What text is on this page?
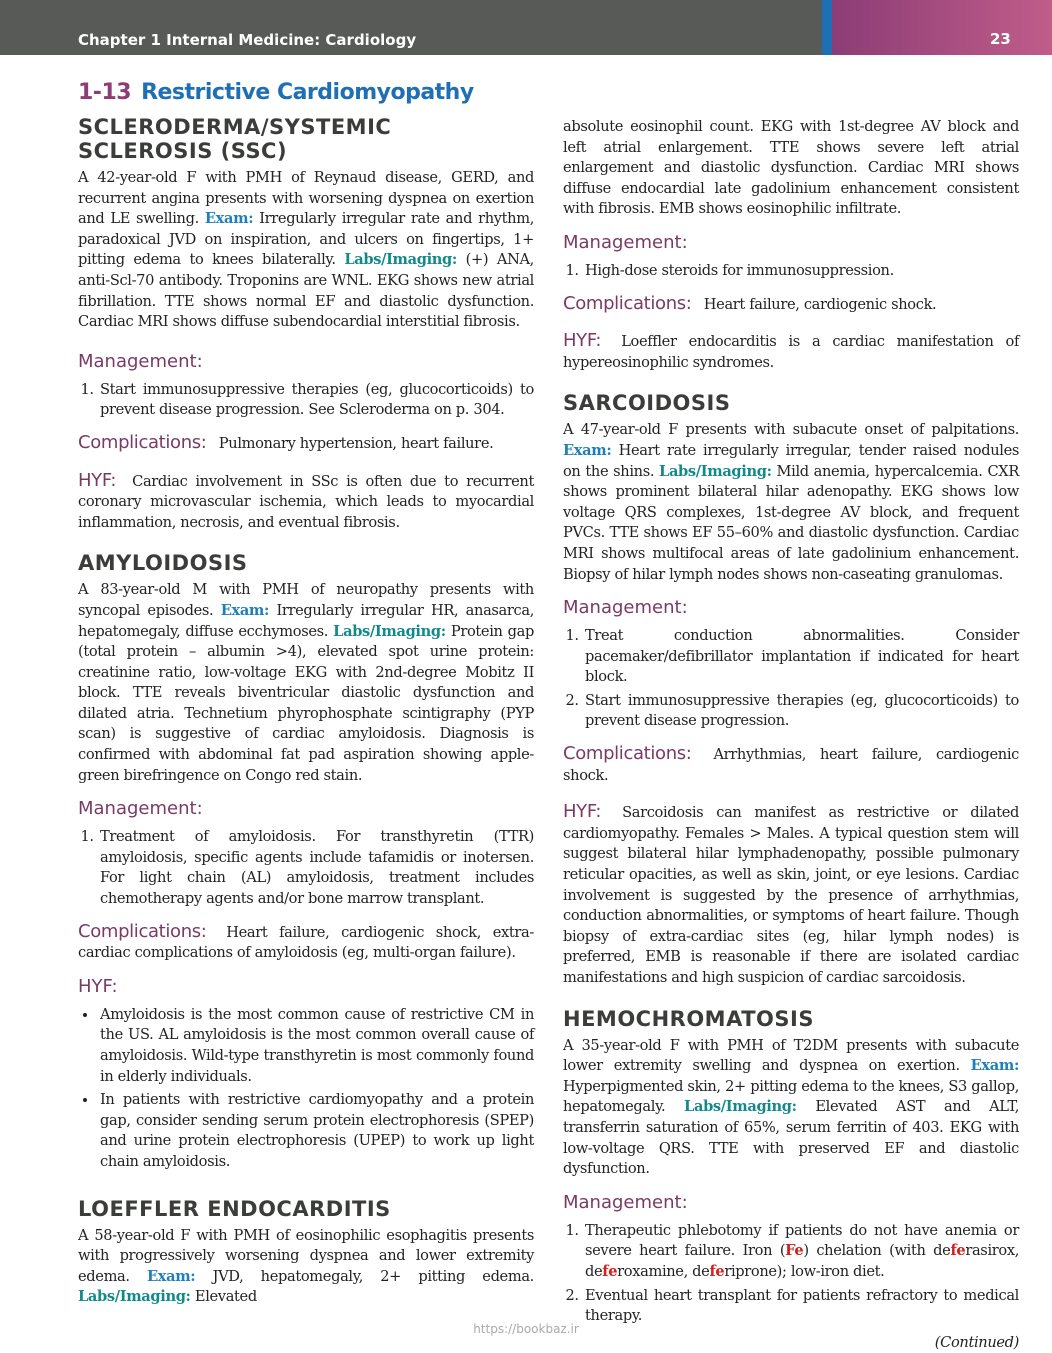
Chapter 1 Internal Medicine: Cardiology	23
1-13 Restrictive Cardiomyopathy
SCLERODERMA/SYSTEMIC
SCLEROSIS (SSC)

A 42-year-old F with PMH of Reynaud disease, GERD, and recurrent angina presents with worsening dyspnea on exertion and LE swelling. Exam: Irregularly irregular rate and rhythm, paradoxical JVD on inspiration, and ulcers on fingertips, 1+ pitting edema to knees bilaterally. Labs/Imaging: (+) ANA, anti-Scl-70 antibody. Troponins are WNL. EKG shows new atrial fibrillation. TTE shows normal EF and diastolic dysfunction. Cardiac MRI shows diffuse subendocardial interstitial fibrosis.

Management:
1. Start immunosuppressive therapies (eg, glucocorticoids) to prevent disease progression. See Scleroderma on p. 304.

Complications: Pulmonary hypertension, heart failure.

HYF: Cardiac involvement in SSc is often due to recurrent coronary microvascular ischemia, which leads to myocardial inflammation, necrosis, and eventual fibrosis.

AMYLOIDOSIS

A 83-year-old M with PMH of neuropathy presents with syncopal episodes. Exam: Irregularly irregular HR, anasarca, hepatomegaly, diffuse ecchymoses. Labs/Imaging: Protein gap (total protein – albumin >4), elevated spot urine protein: creatinine ratio, low-voltage EKG with 2nd-degree Mobitz II block. TTE reveals biventricular diastolic dysfunction and dilated atria. Technetium phyrophosphate scintigraphy (PYP scan) is suggestive of cardiac amyloidosis. Diagnosis is confirmed with abdominal fat pad aspiration showing apple-green birefringence on Congo red stain.

Management:
1. Treatment of amyloidosis. For transthyretin (TTR) amyloidosis, specific agents include tafamidis or inotersen. For light chain (AL) amyloidosis, treatment includes chemotherapy agents and/or bone marrow transplant.

Complications: Heart failure, cardiogenic shock, extra-cardiac complications of amyloidosis (eg, multi-organ failure).

HYF:
• Amyloidosis is the most common cause of restrictive CM in the US. AL amyloidosis is the most common overall cause of amyloidosis. Wild-type transthyretin is most commonly found in elderly individuals.
• In patients with restrictive cardiomyopathy and a protein gap, consider sending serum protein electrophoresis (SPEP) and urine protein electrophoresis (UPEP) to work up light chain amyloidosis.
LOEFFLER ENDOCARDITIS

A 58-year-old F with PMH of eosinophilic esophagitis presents with progressively worsening dyspnea and lower extremity edema. Exam: JVD, hepatomegaly, 2+ pitting edema. Labs/Imaging: Elevated

absolute eosinophil count. EKG with 1st-degree AV block and left atrial enlargement. TTE shows severe left atrial enlargement and diastolic dysfunction. Cardiac MRI shows diffuse endocardial late gadolinium enhancement consistent with fibrosis. EMB shows eosinophilic infiltrate.

Management:
1. High-dose steroids for immunosuppression.

Complications: Heart failure, cardiogenic shock.

HYF: Loeffler endocarditis is a cardiac manifestation of hypereosinophilic syndromes.

SARCOIDOSIS

A 47-year-old F presents with subacute onset of palpitations. Exam: Heart rate irregularly irregular, tender raised nodules on the shins. Labs/Imaging: Mild anemia, hypercalcemia. CXR shows prominent bilateral hilar adenopathy. EKG shows low voltage QRS complexes, 1st-degree AV block, and frequent PVCs. TTE shows EF 55–60% and diastolic dysfunction. Cardiac MRI shows multifocal areas of late gadolinium enhancement. Biopsy of hilar lymph nodes shows non-caseating granulomas.

Management:
1. Treat conduction abnormalities. Consider pacemaker/defibrillator implantation if indicated for heart block.
2. Start immunosuppressive therapies (eg, glucocorticoids) to prevent disease progression.

Complications: Arrhythmias, heart failure, cardiogenic shock.

HYF: Sarcoidosis can manifest as restrictive or dilated cardiomyopathy. Females > Males. A typical question stem will suggest bilateral hilar lymphadenopathy, possible pulmonary reticular opacities, as well as skin, joint, or eye lesions. Cardiac involvement is suggested by the presence of arrhythmias, conduction abnormalities, or symptoms of heart failure. Though biopsy of extra-cardiac sites (eg, hilar lymph nodes) is preferred, EMB is reasonable if there are isolated cardiac manifestations and high suspicion of cardiac sarcoidosis.

HEMOCHROMATOSIS

A 35-year-old F with PMH of T2DM presents with subacute lower extremity swelling and dyspnea on exertion. Exam: Hyperpigmented skin, 2+ pitting edema to the knees, S3 gallop, hepatomegaly. Labs/Imaging: Elevated AST and ALT, transferrin saturation of 65%, serum ferritin of 403. EKG with low-voltage QRS. TTE with preserved EF and diastolic dysfunction.

Management:
1. Therapeutic phlebotomy if patients do not have anemia or severe heart failure. Iron (Fe) chelation (with deferasirox, deferoxamine, deferiprone); low-iron diet.
2. Eventual heart transplant for patients refractory to medical therapy.

(Continued)

https://bookbaz.ir
